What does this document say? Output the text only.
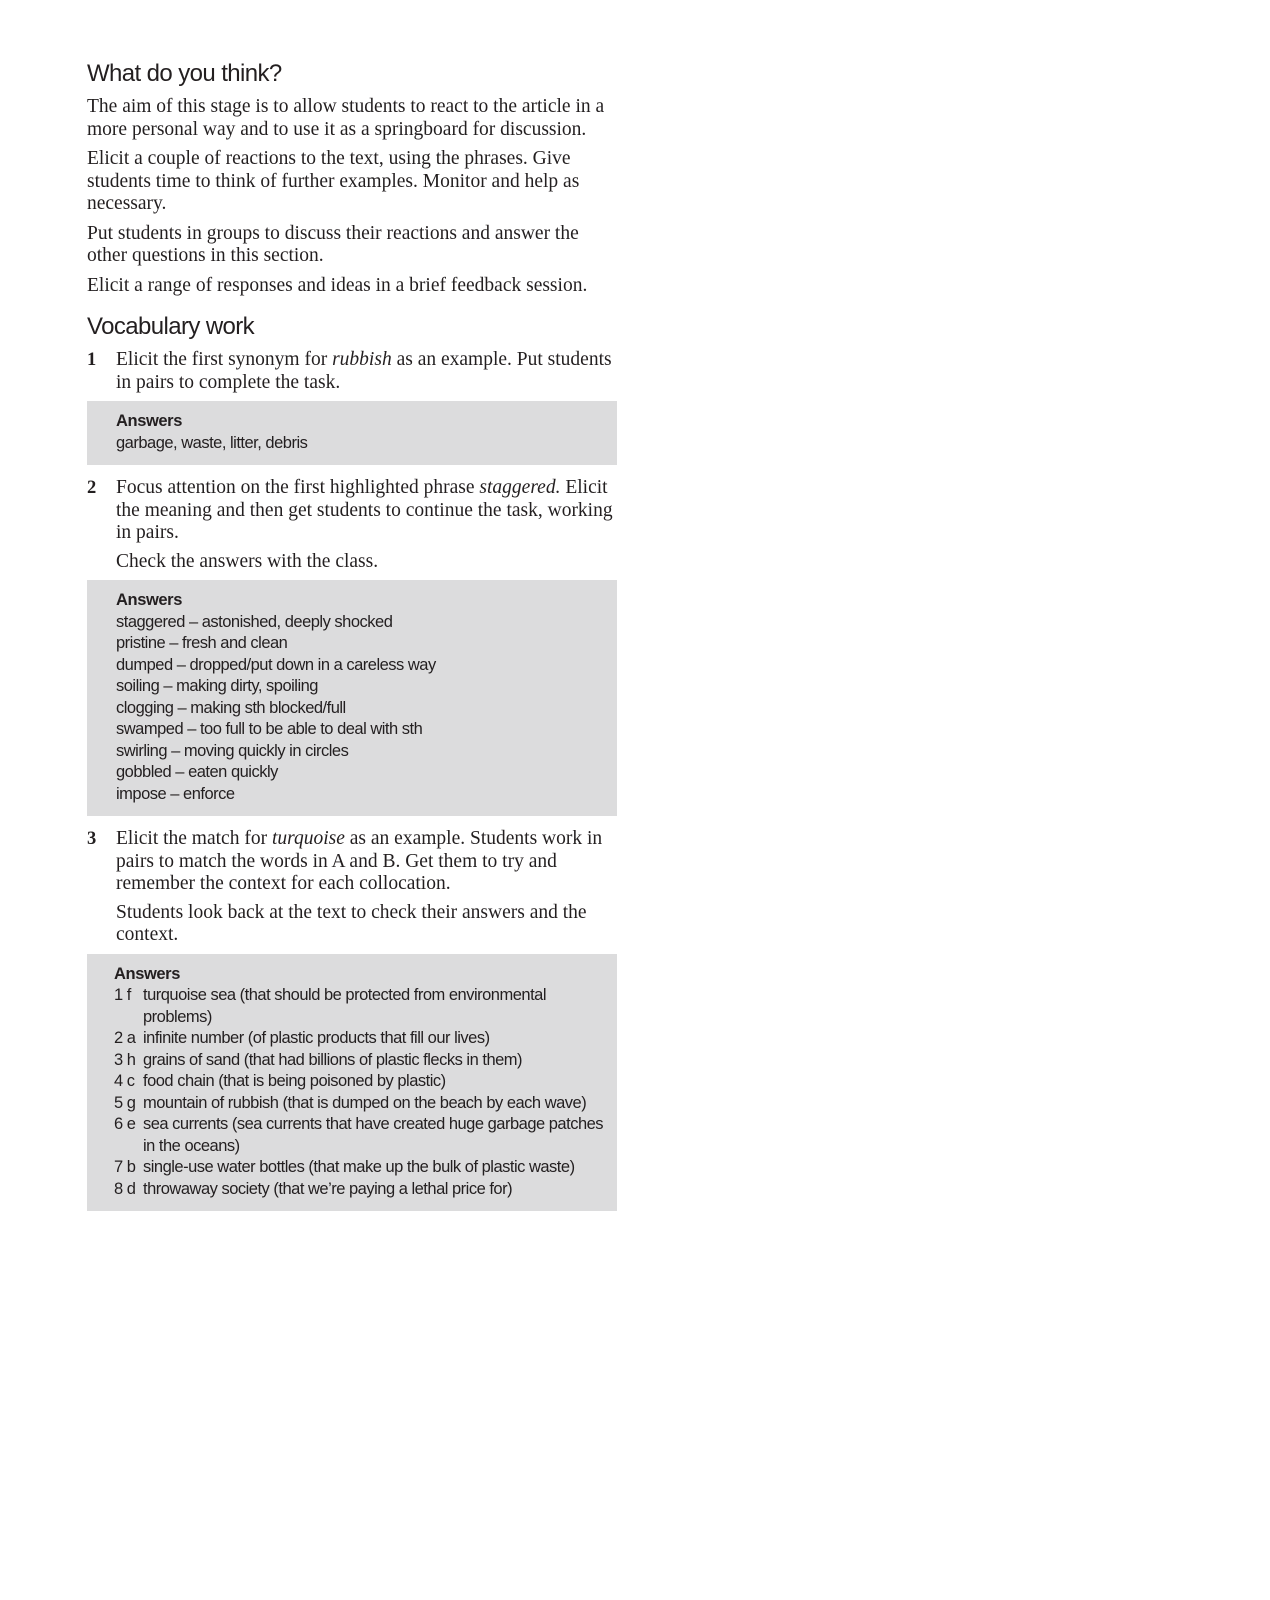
What do you think?

The aim of this stage is to allow students to react to the article in a more personal way and to use it as a springboard for discussion.

Elicit a couple of reactions to the text, using the phrases. Give students time to think of further examples. Monitor and help as necessary.

Put students in groups to discuss their reactions and answer the other questions in this section.

Elicit a range of responses and ideas in a brief feedback session.

Vocabulary work
1 Elicit the first synonym for rubbish as an example. Put students in pairs to complete the task.

Answers
garbage, waste, litter, debris
2 Focus attention on the first highlighted phrase staggered. Elicit the meaning and then get students to continue the task, working in pairs.

Check the answers with the class.

Answers
staggered – astonished, deeply shocked
pristine – fresh and clean
dumped – dropped/put down in a careless way
soiling – making dirty, spoiling
clogging – making sth blocked/full
swamped – too full to be able to deal with sth
swirling – moving quickly in circles
gobbled – eaten quickly
impose – enforce
3 Elicit the match for turquoise as an example. Students work in pairs to match the words in A and B. Get them to try and remember the context for each collocation.

Students look back at the text to check their answers and the context.

Answers
1 f turquoise sea (that should be protected from environmental problems)
2 a infinite number (of plastic products that fill our lives)
3 h grains of sand (that had billions of plastic flecks in them)
4 c food chain (that is being poisoned by plastic)
5 g mountain of rubbish (that is dumped on the beach by each wave)
6 e sea currents (sea currents that have created huge garbage patches in the oceans)
7 b single-use water bottles (that make up the bulk of plastic waste)
8 d throwaway society (that we’re paying a lethal price for)
